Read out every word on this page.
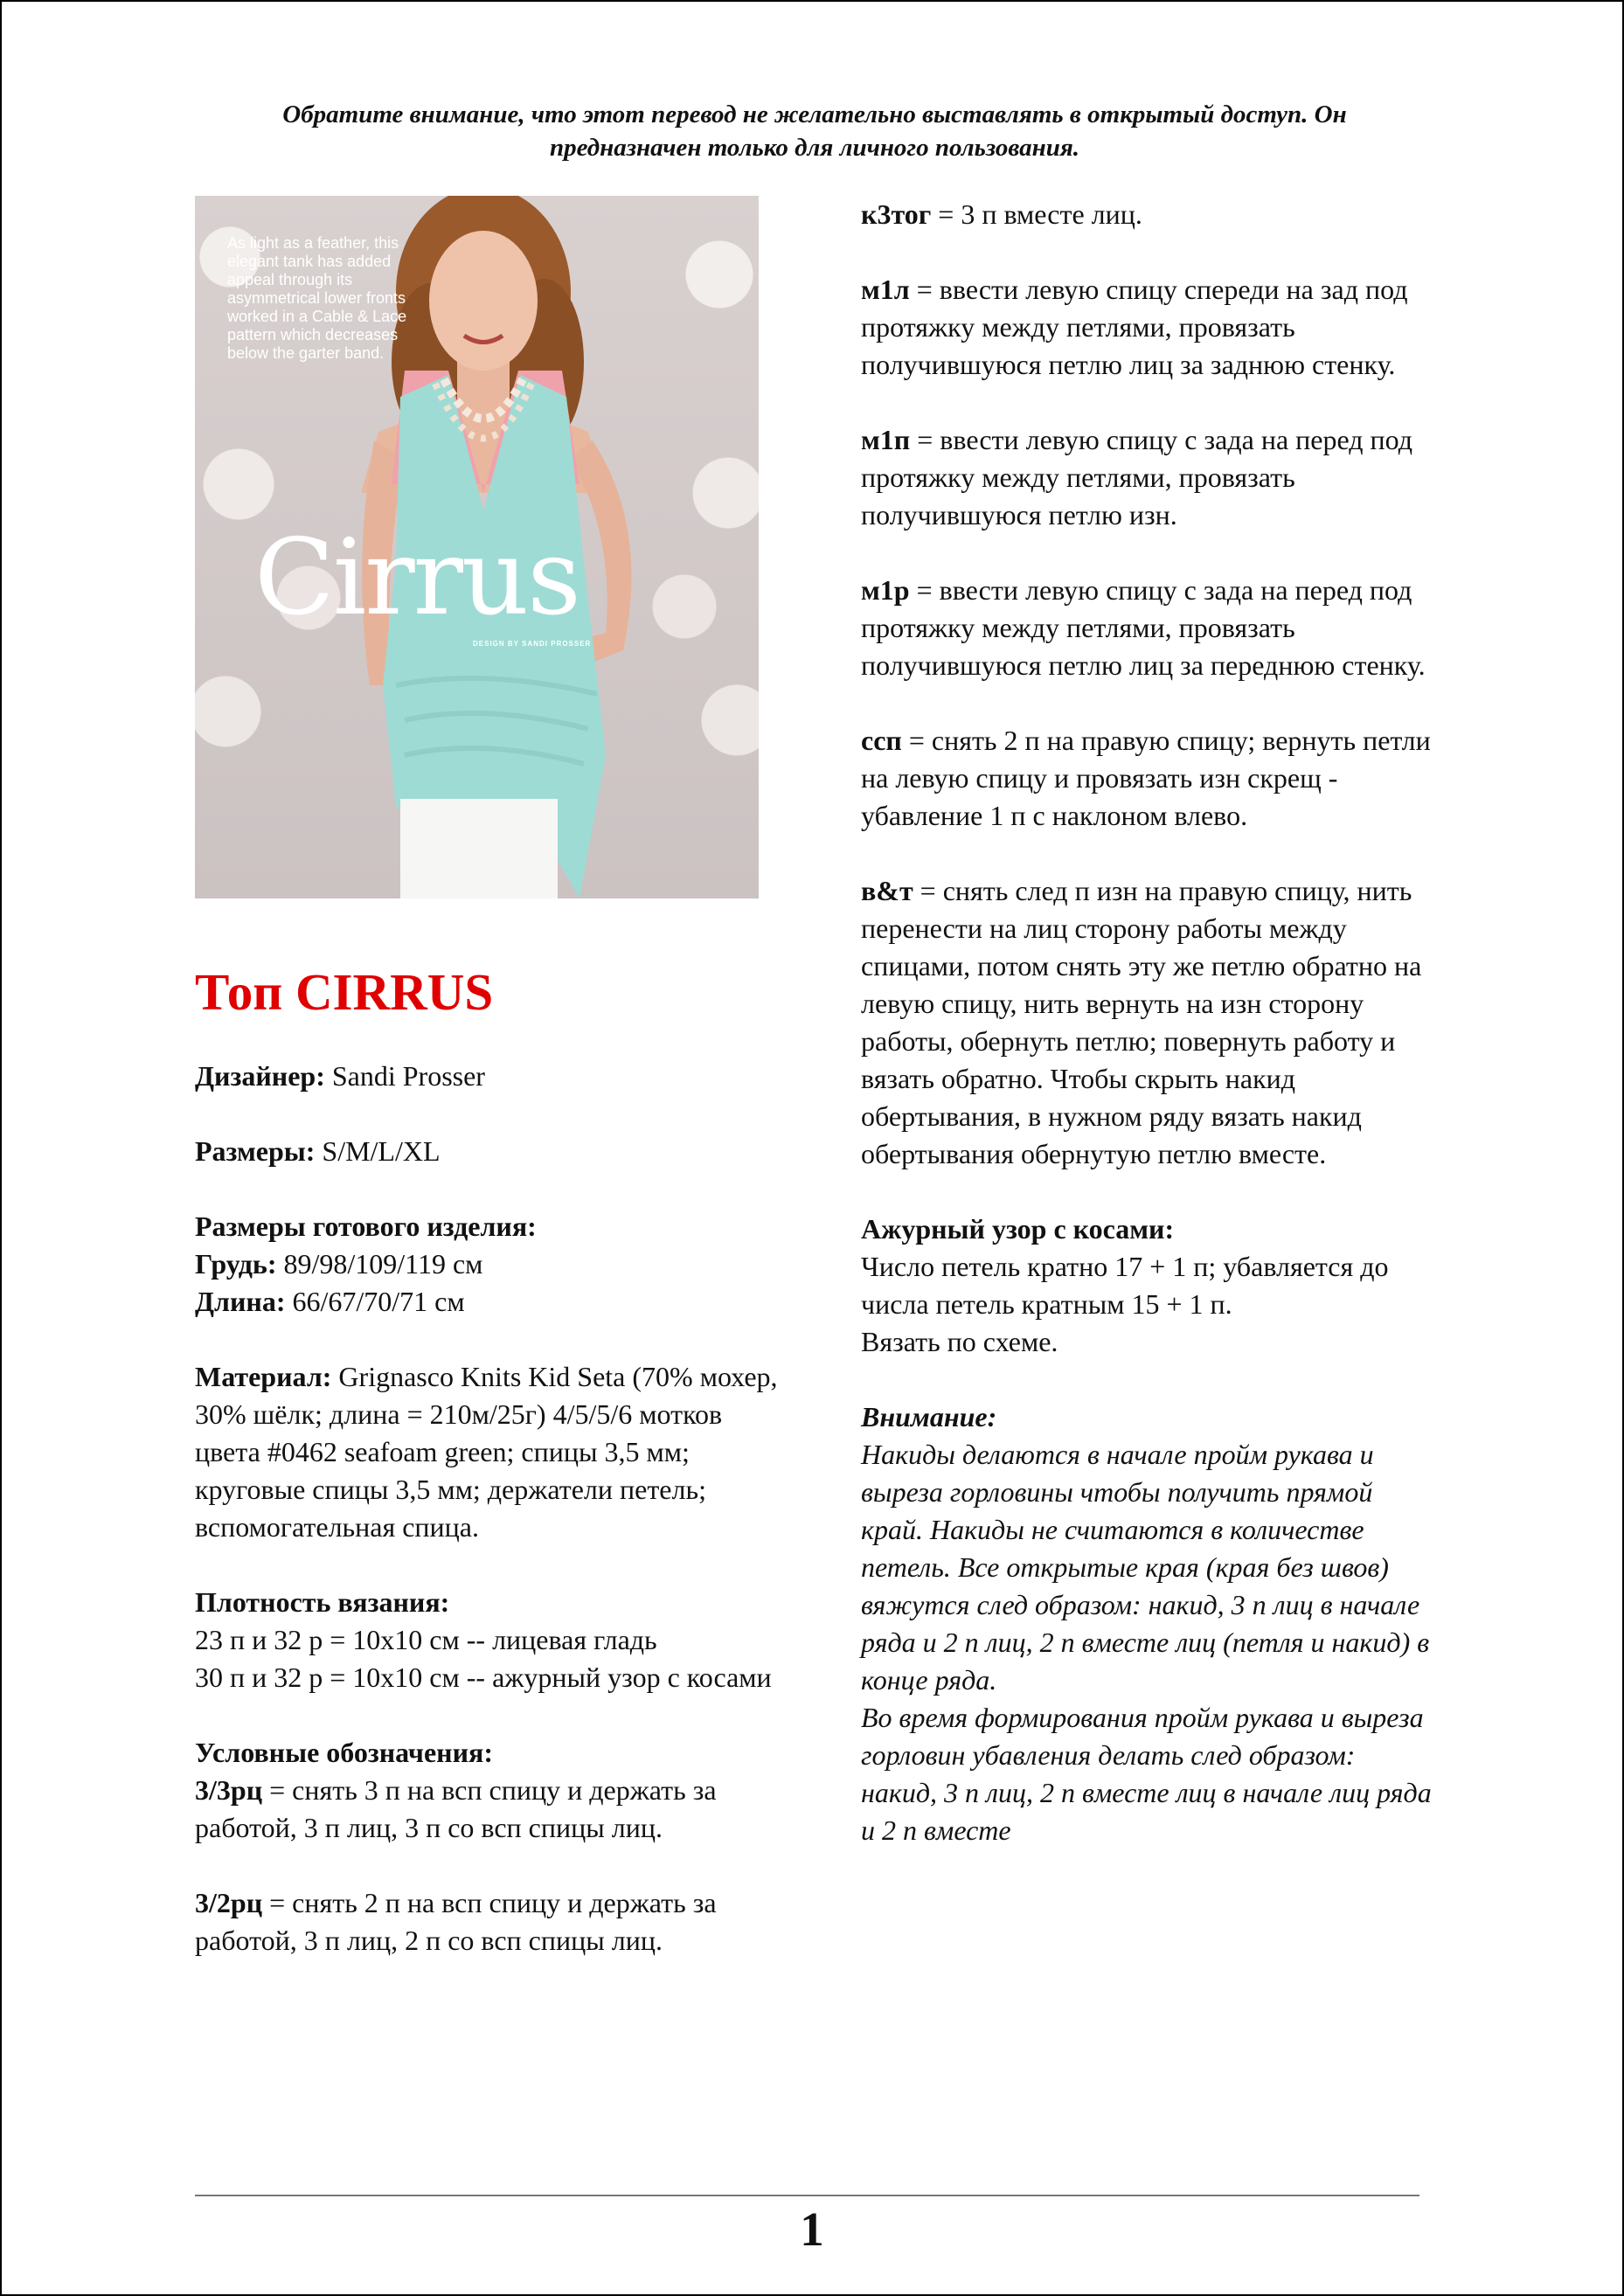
Обратите внимание, что этот перевод не желательно выставлять в открытый доступ. Он
предназначен только для личного пользования.
As light as a feather, this elegant tank has added appeal through its asymmetrical lower fronts worked in a Cable & Lace pattern which decreases below the garter band.
Cirrus
DESIGN BY SANDI PROSSER
Топ CIRRUS

Дизайнер: Sandi Prosser

Размеры: S/M/L/XL

Размеры готового изделия:
Грудь: 89/98/109/119 см
Длина: 66/67/70/71 см

Материал: Grignasco Knits Kid Seta (70% мохер, 30% шёлк; длина = 210м/25г) 4/5/5/6 мотков цвета #0462 seafoam green; спицы 3,5 мм; круговые спицы 3,5 мм; держатели петель; вспомогательная спица.

Плотность вязания:
23 п и 32 р = 10х10 см -- лицевая гладь
30 п и 32 р = 10х10 см -- ажурный узор с косами

Условные обозначения:
3/3рц = снять 3 п на всп спицу и держать за работой, 3 п лиц, 3 п со всп спицы лиц.

3/2рц = снять 2 п на всп спицу и держать за работой, 3 п лиц, 2 п со всп спицы лиц.

к3тог = 3 п вместе лиц.

м1л = ввести левую спицу спереди на зад под протяжку между петлями, провязать получившуюся петлю лиц за заднюю стенку.

м1п = ввести левую спицу с зада на перед под протяжку между петлями, провязать получившуюся петлю изн.

м1р = ввести левую спицу с зада на перед под протяжку между петлями, провязать получившуюся петлю лиц за переднюю стенку.

ссп = снять 2 п на правую спицу; вернуть петли на левую спицу и провязать изн скрещ - убавление 1 п с наклоном влево.

в&т = снять след п изн на правую спицу, нить перенести на лиц сторону работы между спицами, потом снять эту же петлю обратно на левую спицу, нить вернуть на изн сторону работы, обернуть петлю; повернуть работу и вязать обратно. Чтобы скрыть накид обертывания, в нужном ряду вязать накид обертывания обернутую петлю вместе.

Ажурный узор с косами:
Число петель кратно 17 + 1 п; убавляется до числа петель кратным 15 + 1 п.
Вязать по схеме.

Внимание:
Накиды делаются в начале пройм рукава и выреза горловины чтобы получить прямой край. Накиды не считаются в количестве петель. Все открытые края (края без швов) вяжутся след образом: накид, 3 п лиц в начале ряда и 2 п лиц, 2 п вместе лиц (петля и накид) в конце ряда.
Во время формирования пройм рукава и выреза горловин убавления делать след образом: накид, 3 п лиц, 2 п вместе лиц в начале лиц ряда и 2 п вместе

1
